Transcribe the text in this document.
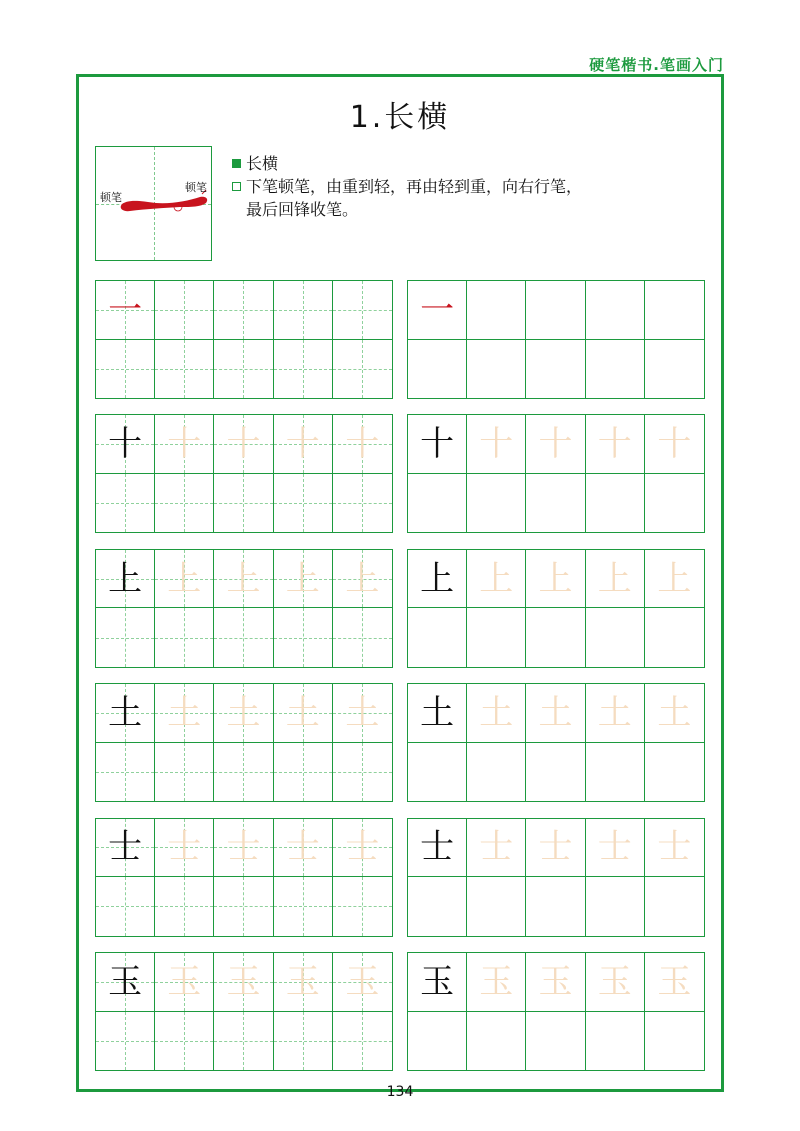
硬笔楷书.笔画入门
1.长横
顿笔
顿笔
长横
下笔顿笔，由重到轻，再由轻到重，向右行笔，
最后回锋收笔。
一	一
十 十 十 十 十	十 十 十 十 十
上 上 上 上 上	上 上 上 上 上
土 土 土 土 土	土 土 土 土 土
士 士 士 士 士	士 士 士 士 士
玉 玉 玉 玉 玉	玉 玉 玉 玉 玉
134
